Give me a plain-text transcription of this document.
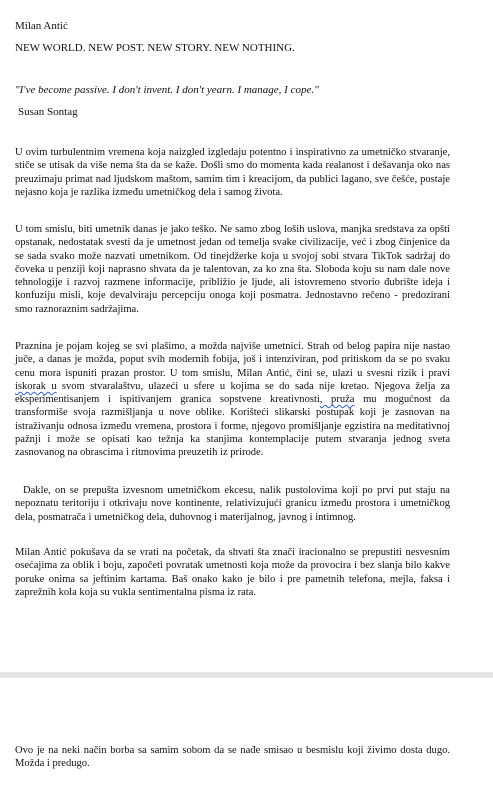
Milan Antić
NEW WORLD. NEW POST. NEW STORY. NEW NOTHING.
"I've become passive. I don't invent. I don't yearn. I manage, I cope."
Susan Sontag

U ovim turbulentnim vremena koja naizgled izgledaju potentno i inspirativno za umetničko stvaranje, stiče se utisak da više nema šta da se kaže. Došli smo do momenta kada realanost i dešavanja oko nas preuzimaju primat nad ljudskom maštom, samim tim i kreacijom, da publici lagano, sve češće, postaje nejasno koja je razlika između umetničkog dela i samog života.

U tom smislu, biti umetnik danas je jako teško. Ne samo zbog loših uslova, manjka sredstava za opšti opstanak, nedostatak svesti da je umetnost jedan od temelja svake civilizacije, već i zbog činjenice da se sada svako može nazvati umetnikom. Od tinejdžerke koja u svojoj sobi stvara TikTok sadržaj do čoveka u penziji koji naprasno shvata da je talentovan, za ko zna šta. Sloboda koju su nam dale nove tehnologije i razvoj razmene informacije, približio je ljude, ali istovremeno stvorio đubrište ideja i konfuziju misli, koje devalviraju percepciju onoga koji posmatra. Jednostavno rečeno - predozirani smo raznoraznim sadržajima.

Praznina je pojam kojeg se svi plašimo, a možda najviše umetnici. Strah od belog papira nije nastao juče, a danas je možda, poput svih modernih fobija, još i intenziviran, pod pritiskom da se po svaku cenu mora ispuniti prazan prostor. U tom smislu, Milan Antić, čini se, ulazi u svesni rizik i pravi iskorak u svom stvaralaštvu, ulazeći u sfere u kojima se do sada nije kretao. Njegova želja za eksperimentisanjem i ispitivanjem granica sopstvene kreativnosti, pruža mu mogućnost da transformiše svoja razmišljanja u nove oblike. Korišteći slikarski postupak koji je zasnovan na istraživanju odnosa između vremena, prostora i forme, njegovo promišljanje egzistira na meditativnoj pažnji i može se opisati kao težnja ka stanjima kontemplacije putem stvaranja jednog sveta zasnovanog na obrascima i ritmovima preuzetih iz prirode.

Dakle, on se prepušta izvesnom umetničkom ekcesu, nalik pustolovima koji po prvi put staju na nepoznatu teritoriju i otkrivaju nove kontinente, relativizujući granicu između prostora i umetničkog dela, posmatrača i umetničkog dela, duhovnog i materijalnog, javnog i intimnog.

Milan Antić pokušava da se vrati na početak, da shvati šta znači iracionalno se prepustiti nesvesnim osećajima za oblik i boju, započeti povratak umetnosti koja može da provocira i bez slanja bilo kakve poruke onima sa jeftinim kartama. Baš onako kako je bilo i pre pametnih telefona, mejla, faksa i zaprežnih kola koja su vukla sentimentalna pisma iz rata.

Ovo je na neki način borba sa samim sobom da se nađe smisao u besmislu koji živimo dosta dugo. Možda i predugo.
